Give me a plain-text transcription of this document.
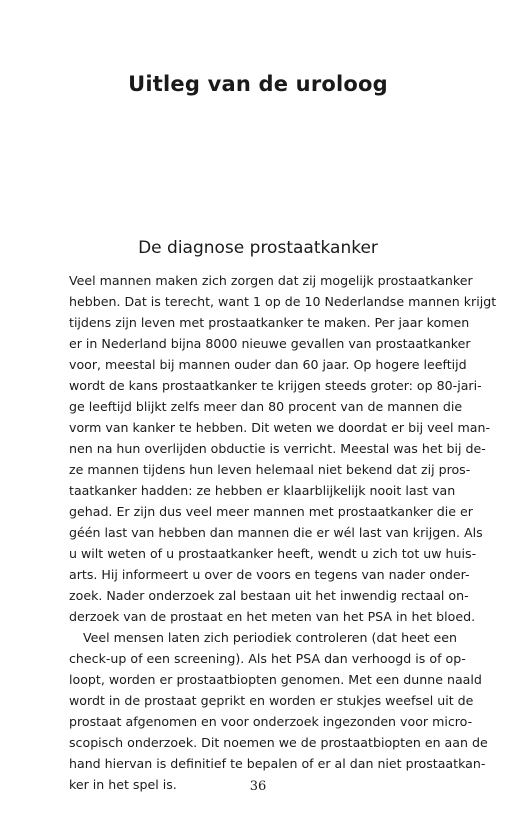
Uitleg van de uroloog
De diagnose prostaatkanker
Veel mannen maken zich zorgen dat zij mogelijk prostaatkanker
hebben. Dat is terecht, want 1 op de 10 Nederlandse mannen krijgt
tijdens zijn leven met prostaatkanker te maken. Per jaar komen
er in Nederland bijna 8000 nieuwe gevallen van prostaatkanker
voor, meestal bij mannen ouder dan 60 jaar. Op hogere leeftijd
wordt de kans prostaatkanker te krijgen steeds groter: op 80-jari-
ge leeftijd blijkt zelfs meer dan 80 procent van de mannen die
vorm van kanker te hebben. Dit weten we doordat er bij veel man-
nen na hun overlijden obductie is verricht. Meestal was het bij de-
ze mannen tijdens hun leven helemaal niet bekend dat zij pros-
taatkanker hadden: ze hebben er klaarblijkelijk nooit last van
gehad. Er zijn dus veel meer mannen met prostaatkanker die er
géén last van hebben dan mannen die er wél last van krijgen. Als
u wilt weten of u prostaatkanker heeft, wendt u zich tot uw huis-
arts. Hij informeert u over de voors en tegens van nader onder-
zoek. Nader onderzoek zal bestaan uit het inwendig rectaal on-
derzoek van de prostaat en het meten van het PSA in het bloed.
Veel mensen laten zich periodiek controleren (dat heet een
check-up of een screening). Als het PSA dan verhoogd is of op-
loopt, worden er prostaatbiopten genomen. Met een dunne naald
wordt in de prostaat geprikt en worden er stukjes weefsel uit de
prostaat afgenomen en voor onderzoek ingezonden voor micro-
scopisch onderzoek. Dit noemen we de prostaatbiopten en aan de
hand hiervan is definitief te bepalen of er al dan niet prostaatkan-
ker in het spel is.	36
